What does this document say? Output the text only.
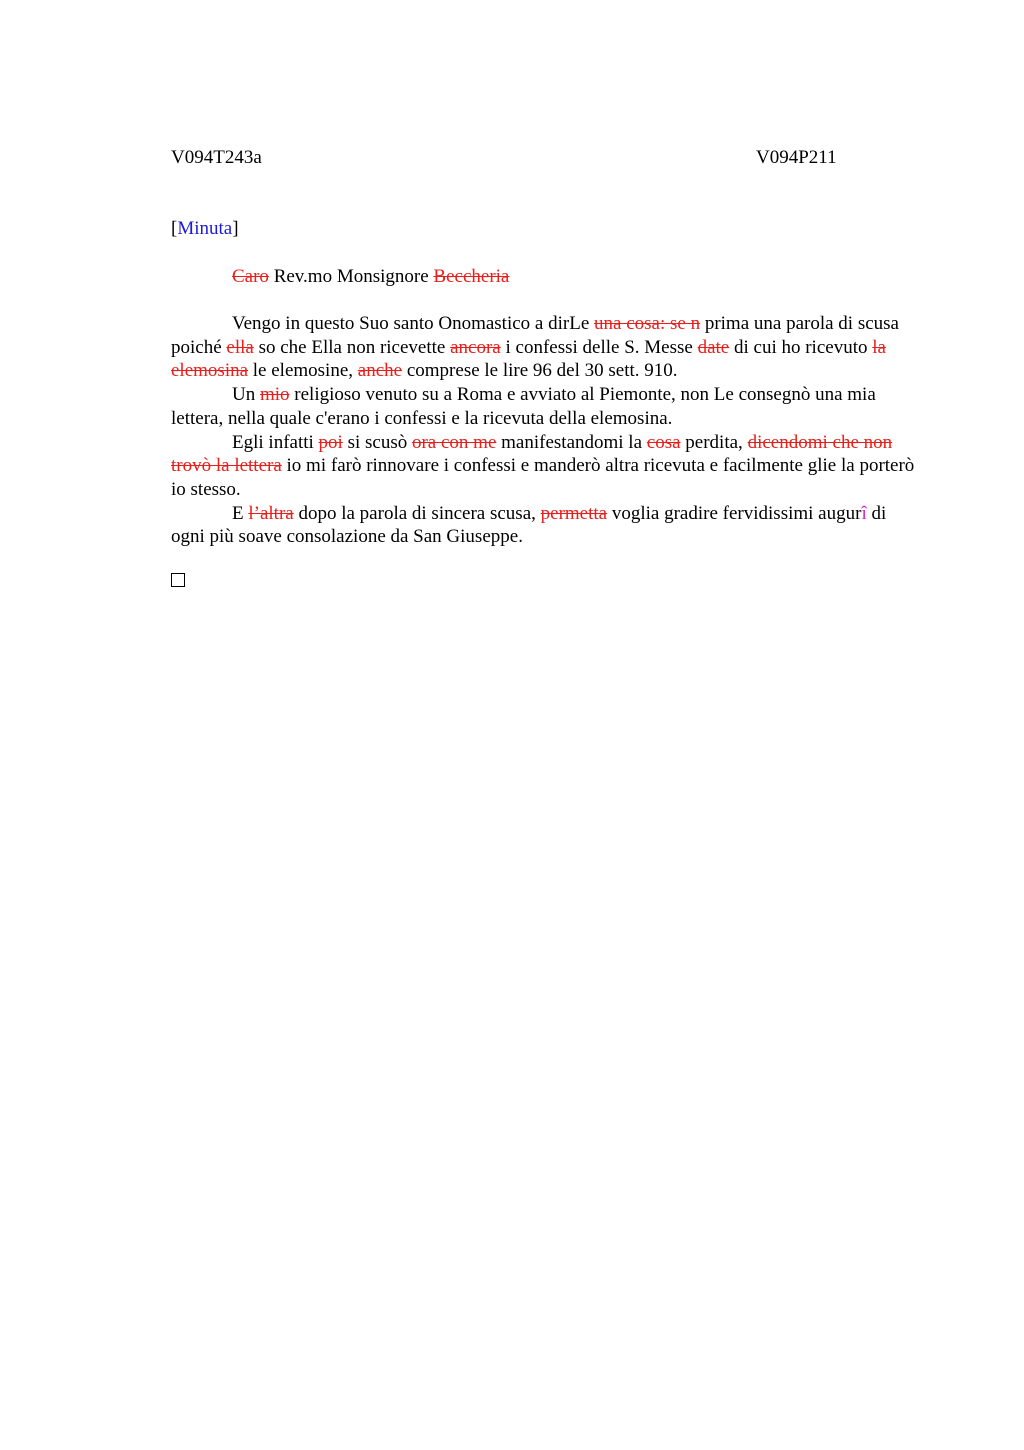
V094T243a	V094P211
[Minuta]
Caro Rev.mo Monsignore Beccheria

Vengo in questo Suo santo Onomastico a dirLe una cosa: se n prima una parola di scusa poiché ella so che Ella non ricevette ancora i confessi delle S. Messe date di cui ho ricevuto la elemosina le elemosine, anche comprese le lire 96 del 30 sett. 910.

Un mio religioso venuto su a Roma e avviato al Piemonte, non Le consegnò una mia lettera, nella quale c'erano i confessi e la ricevuta della elemosina.

Egli infatti poi si scusò ora con me manifestandomi la cosa perdita, dicendomi che non trovò la lettera io mi farò rinnovare i confessi e manderò altra ricevuta e facilmente glie la porterò io stesso.

E l’altra dopo la parola di sincera scusa, permetta voglia gradire fervidissimi augurî di ogni più soave consolazione da San Giuseppe.
